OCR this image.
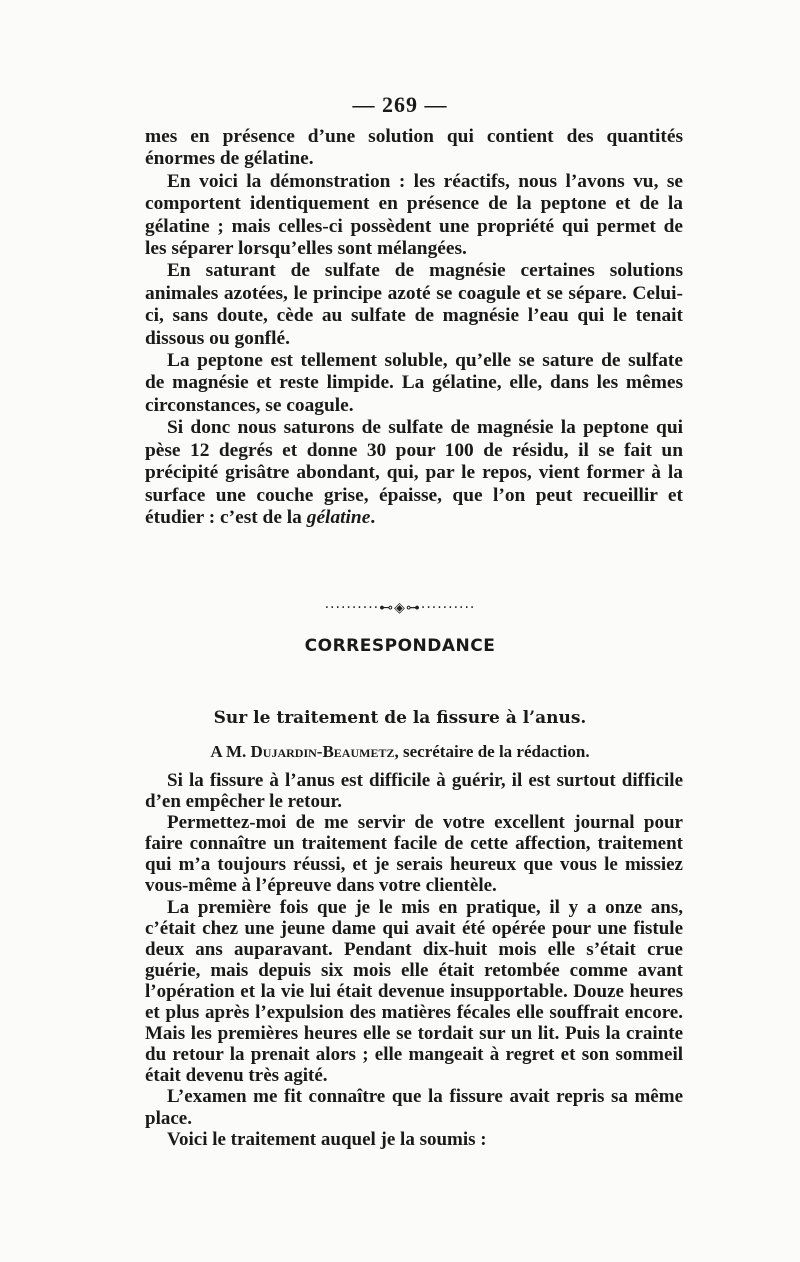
— 269 —

mes en présence d’une solution qui contient des quantités énormes de gélatine.

En voici la démonstration : les réactifs, nous l’avons vu, se comportent identiquement en présence de la peptone et de la gélatine ; mais celles-ci possèdent une propriété qui permet de les séparer lorsqu’elles sont mélangées.

En saturant de sulfate de magnésie certaines solutions animales azotées, le principe azoté se coagule et se sépare. Celui-ci, sans doute, cède au sulfate de magnésie l’eau qui le tenait dissous ou gonflé.

La peptone est tellement soluble, qu’elle se sature de sulfate de magnésie et reste limpide. La gélatine, elle, dans les mêmes circonstances, se coagule.

Si donc nous saturons de sulfate de magnésie la peptone qui pèse 12 degrés et donne 30 pour 100 de résidu, il se fait un précipité grisâtre abondant, qui, par le repos, vient former à la surface une couche grise, épaisse, que l’on peut recueillir et étudier : c’est de la gélatine.

··········⊷◈⊶··········
CORRESPONDANCE
Sur le traitement de la fissure à l’anus.
A M. Dujardin-Beaumetz, secrétaire de la rédaction.

Si la fissure à l’anus est difficile à guérir, il est surtout difficile d’en empêcher le retour.

Permettez-moi de me servir de votre excellent journal pour faire connaître un traitement facile de cette affection, traitement qui m’a toujours réussi, et je serais heureux que vous le missiez vous-même à l’épreuve dans votre clientèle.

La première fois que je le mis en pratique, il y a onze ans, c’était chez une jeune dame qui avait été opérée pour une fistule deux ans auparavant. Pendant dix-huit mois elle s’était crue guérie, mais depuis six mois elle était retombée comme avant l’opération et la vie lui était devenue insupportable. Douze heures et plus après l’expulsion des matières fécales elle souffrait encore. Mais les premières heures elle se tordait sur un lit. Puis la crainte du retour la prenait alors ; elle mangeait à regret et son sommeil était devenu très agité.

L’examen me fit connaître que la fissure avait repris sa même place.

Voici le traitement auquel je la soumis :
